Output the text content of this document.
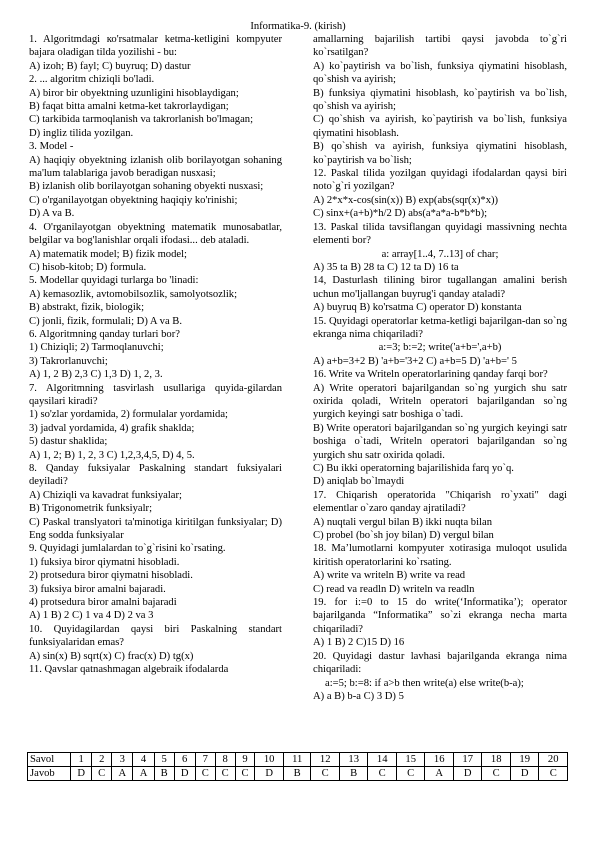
Informatika-9. (kirish)
1. Algoritmdagi ко'rsatmalar ketma-ketligini kompyuter bajara oladigan tilda yozilishi - bu:
A) izoh; B) fayl; C) buyruq; D) dastur
2. ... algoritm chiziqli bo'ladi.
A) biror bir obyektning uzunligini hisoblaydigan;
B) faqat bitta amalni ketma-ket takrorlaydigan;
C) tarkibida tarmoqlanish va takrorlanish bo'lmagan;
D) ingliz tilida yozilgan.
3. Model -
A) haqiqiy obyektning izlanish olib borilayotgan sohaning ma'lum talablariga javob beradigan nusxasi;
B) izlanish olib borilayotgan sohaning obyekti nusxasi;
C) o'rganilayotgan obyektning haqiqiy ko'rinishi;
D) A va B.
4. O'rganilayotgan obyektning matematik munosabatlar, belgilar va bog'lanishlar orqali ifodasi... deb ataladi.
A) matematik model; B) fizik model;
C) hisob-kitob; D) formula.
5. Modellar quyidagi turlarga bo 'linadi:
A) kemasozlik, avtomobilsozlik, samolyotsozlik;
B) abstrakt, fizik, biologik;
C) jonli, fizik, formulali; D) A va B.
6. Algoritmning qanday turlari bor?
1) Chiziqli; 2) Tarmoqlanuvchi;
3) Takrorlanuvchi;
A) 1, 2 B) 2,3 C) 1,3 D) 1, 2, 3.
7. Algoritmning tasvirlash usullariga quyida-gilardan qaysilari kiradi?
1) so'zlar yordamida, 2) formulalar yordamida;
3) jadval yordamida, 4) grafik shaklda;
5) dastur shaklida;
A) 1, 2; B) 1, 2, 3 C) 1,2,3,4,5, D) 4, 5.
8. Qanday fuksiyalar Paskalning standart fuksiyalari deyiladi?
A) Chiziqli va kavadrat funksiyalar;
B) Trigonometrik funksiyalr;
C) Paskal translyatori ta'minotiga kiritilgan funksiyalar; D) Eng sodda funksiyalar
9. Quyidagi jumlalardan to`g`risini ko`rsating.
1) fuksiya biror qiymatni hisobladi.
2) protsedura biror qiymatni hisobladi.
3) fuksiya biror amalni bajaradi.
4) protsedura biror amalni bajaradi
A) 1 B) 2 C) 1 va 4 D) 2 va 3
10. Quyidagilardan qaysi biri Paskalning standart funksiyalaridan emas?
A) sin(x) B) sqrt(x) C) frac(x) D) tg(x)
11. Qavslar qatnashmagan algebraik ifodalarda
amallarning bajarilish tartibi qaysi javobda to`g`ri ko`rsatilgan?
A) ko`paytirish va bo`lish, funksiya qiymatini hisoblash, qo`shish va ayirish;
B) funksiya qiymatini hisoblash, ko`paytirish va bo`lish, qo`shish va ayirish;
C) qo`shish va ayirish, ko`paytirish va bo`lish, funksiya qiymatini hisoblash.
B) qo`shish va ayirish, funksiya qiymatini hisoblash, ko`paytirish va bo`lish;
12. Paskal tilida yozilgan quyidagi ifodalardan qaysi biri noto`g`ri yozilgan?
A) 2*x*x-cos(sin(x)) B) exp(abs(sqr(x)*x))
C) sinx+(a+b)*h/2 D) abs(a*a*a-b*b*b);
13. Paskal tilida tavsiflangan quyidagi massivning nechta elementi bor?
a: array[1..4, 7..13] of char;
A) 35 ta B) 28 ta C) 12 ta D) 16 ta
14, Dasturlash tilining biror tugallangan amalini berish uchun mo'ljallangan buyrug'i qanday ataladi?
A) buyruq B) ko'rsatma C) operator D) konstanta
15. Quyidagi operatorlar ketma-ketligi bajarilgan-dan so`ng ekranga nima chiqariladi?
a:=3; b:=2; write('a+b=',a+b)
A) a+b=3+2 B) 'a+b='3+2 C) a+b=5 D) 'a+b=' 5
16. Write va Writeln operatorlarining qanday farqi bor?
A) Write operatori bajarilgandan so`ng yurgich shu satr oxirida qoladi, Writeln operatori bajarilgandan so`ng yurgich keyingi satr boshiga o`tadi.
B) Write operatori bajarilgandan so`ng yurgich keyingi satr boshiga o`tadi, Writeln operatori bajarilgandan so`ng yurgich shu satr oxirida qoladi.
C) Bu ikki operatorning bajarilishida farq yo`q.
D) aniqlab bo`lmaydi
17. Chiqarish operatorida "Chiqarish ro`yxati" dagi elementlar o`zaro qanday ajratiladi?
A) nuqtali vergul bilan B) ikki nuqta bilan
C) probel (bo`sh joy bilan) D) vergul bilan
18. Ma’lumotlarni kompyuter xotirasiga muloqot usulida kiritish operatorlarini ko`rsating.
A) write va writeln B) write va read
C) read va readln D) writeln va readln
19. for i:=0 to 15 do write(‘Informatika’); operator bajarilganda “Informatika” so`zi ekranga necha marta chiqariladi?
A) 1 B) 2 C)15 D) 16
20. Quyidagi dastur lavhasi bajarilganda ekranga nima chiqariladi:
a:=5; b:=8: if a>b then write(a) else write(b-a);
A) a B) b-a C) 3 D) 5
Savol	1	2	3	4	5	6	7	8	9	10	11	12	13	14	15	16	17	18	19	20
Javob	D	C	A	A	B	D	C	C	C	D	B	C	B	C	C	A	D	C	D	C
